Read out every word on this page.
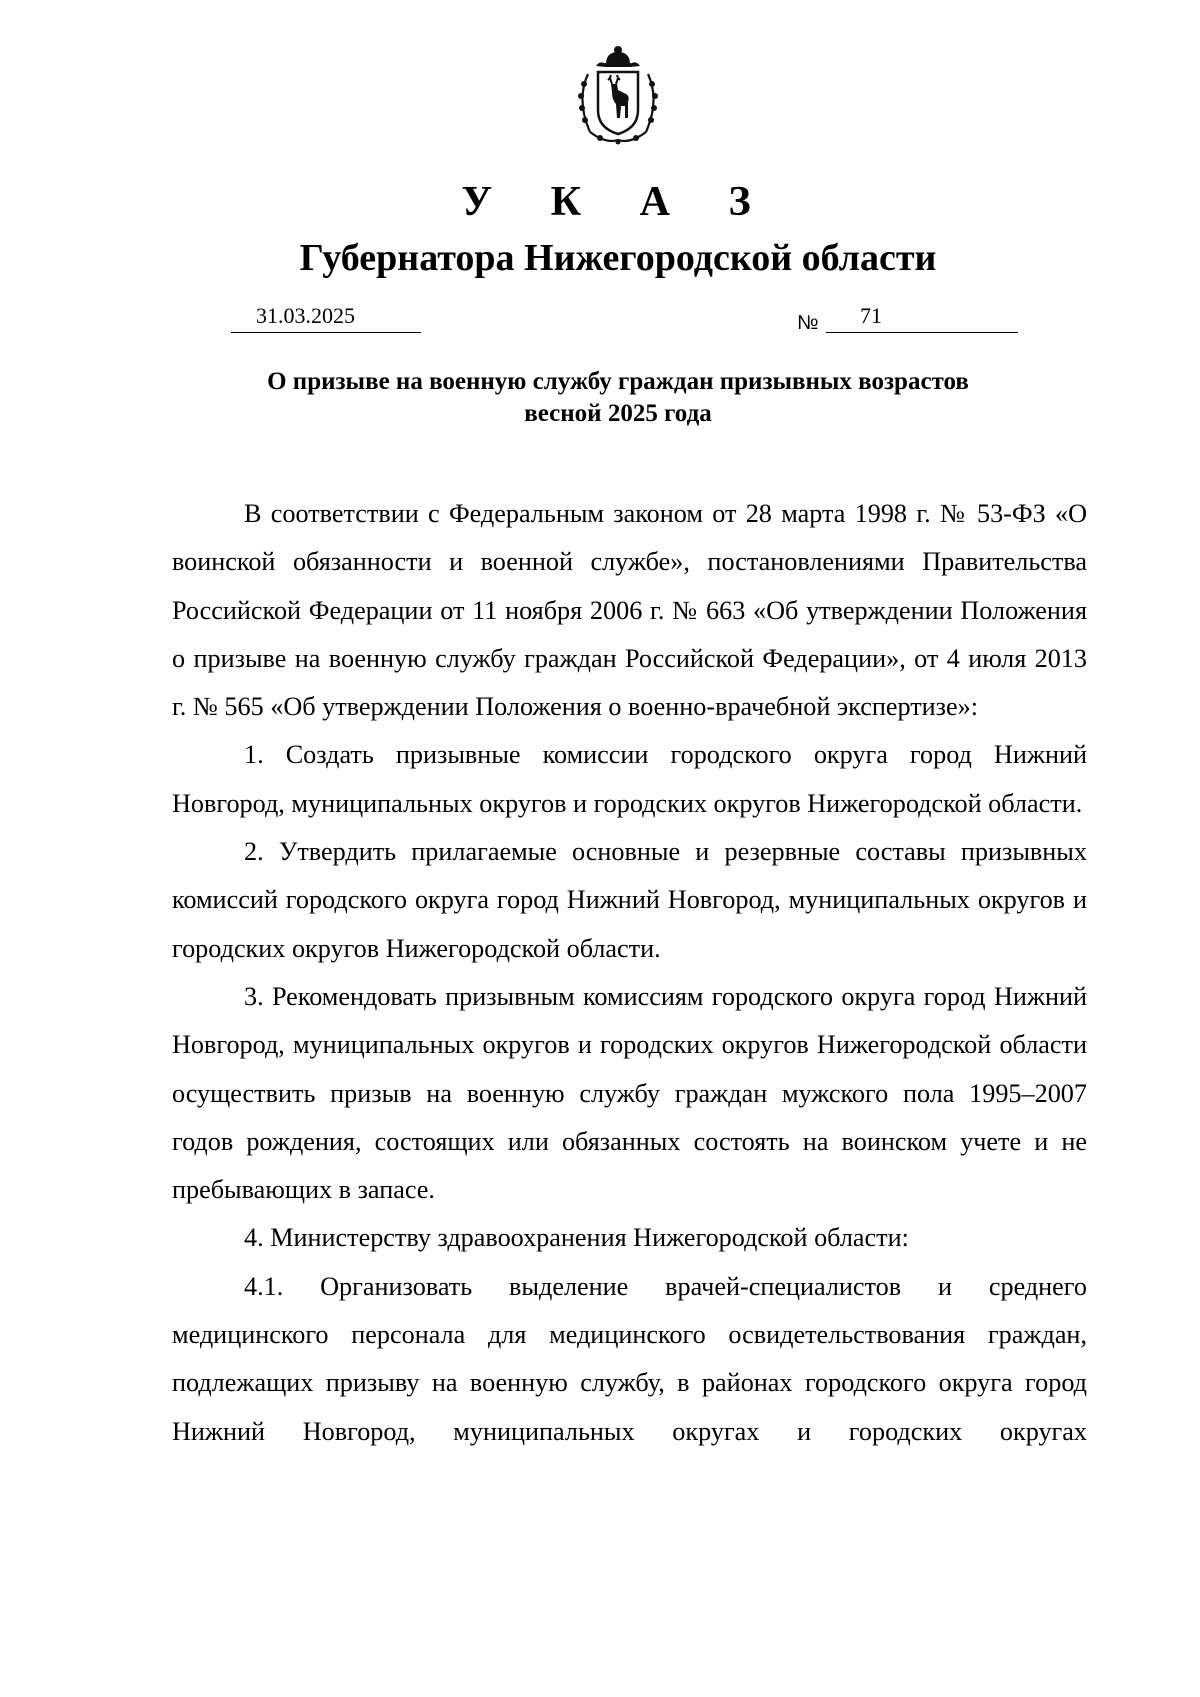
У К А З
Губернатора Нижегородской области
31.03.2025	№ 71
О призыве на военную службу граждан призывных возрастов
весной 2025 года

В соответствии с Федеральным законом от 28 марта 1998 г. № 53-ФЗ «О воинской обязанности и военной службе», постановлениями Правительства Российской Федерации от 11 ноября 2006 г. № 663 «Об утверждении Положения о призыве на военную службу граждан Российской Федерации», от 4 июля 2013 г. № 565 «Об утверждении Положения о военно-врачебной экспертизе»:

1. Создать призывные комиссии городского округа город Нижний Новгород, муниципальных округов и городских округов Нижегородской области.

2. Утвердить прилагаемые основные и резервные составы призывных комиссий городского округа город Нижний Новгород, муниципальных округов и городских округов Нижегородской области.

3. Рекомендовать призывным комиссиям городского округа город Нижний Новгород, муниципальных округов и городских округов Нижегородской области осуществить призыв на военную службу граждан мужского пола 1995–2007 годов рождения, состоящих или обязанных состоять на воинском учете и не пребывающих в запасе.

4. Министерству здравоохранения Нижегородской области:

4.1. Организовать выделение врачей-специалистов и среднего медицинского персонала для медицинского освидетельствования граждан, подлежащих призыву на военную службу, в районах городского округа город Нижний Новгород, муниципальных округах и городских округах
